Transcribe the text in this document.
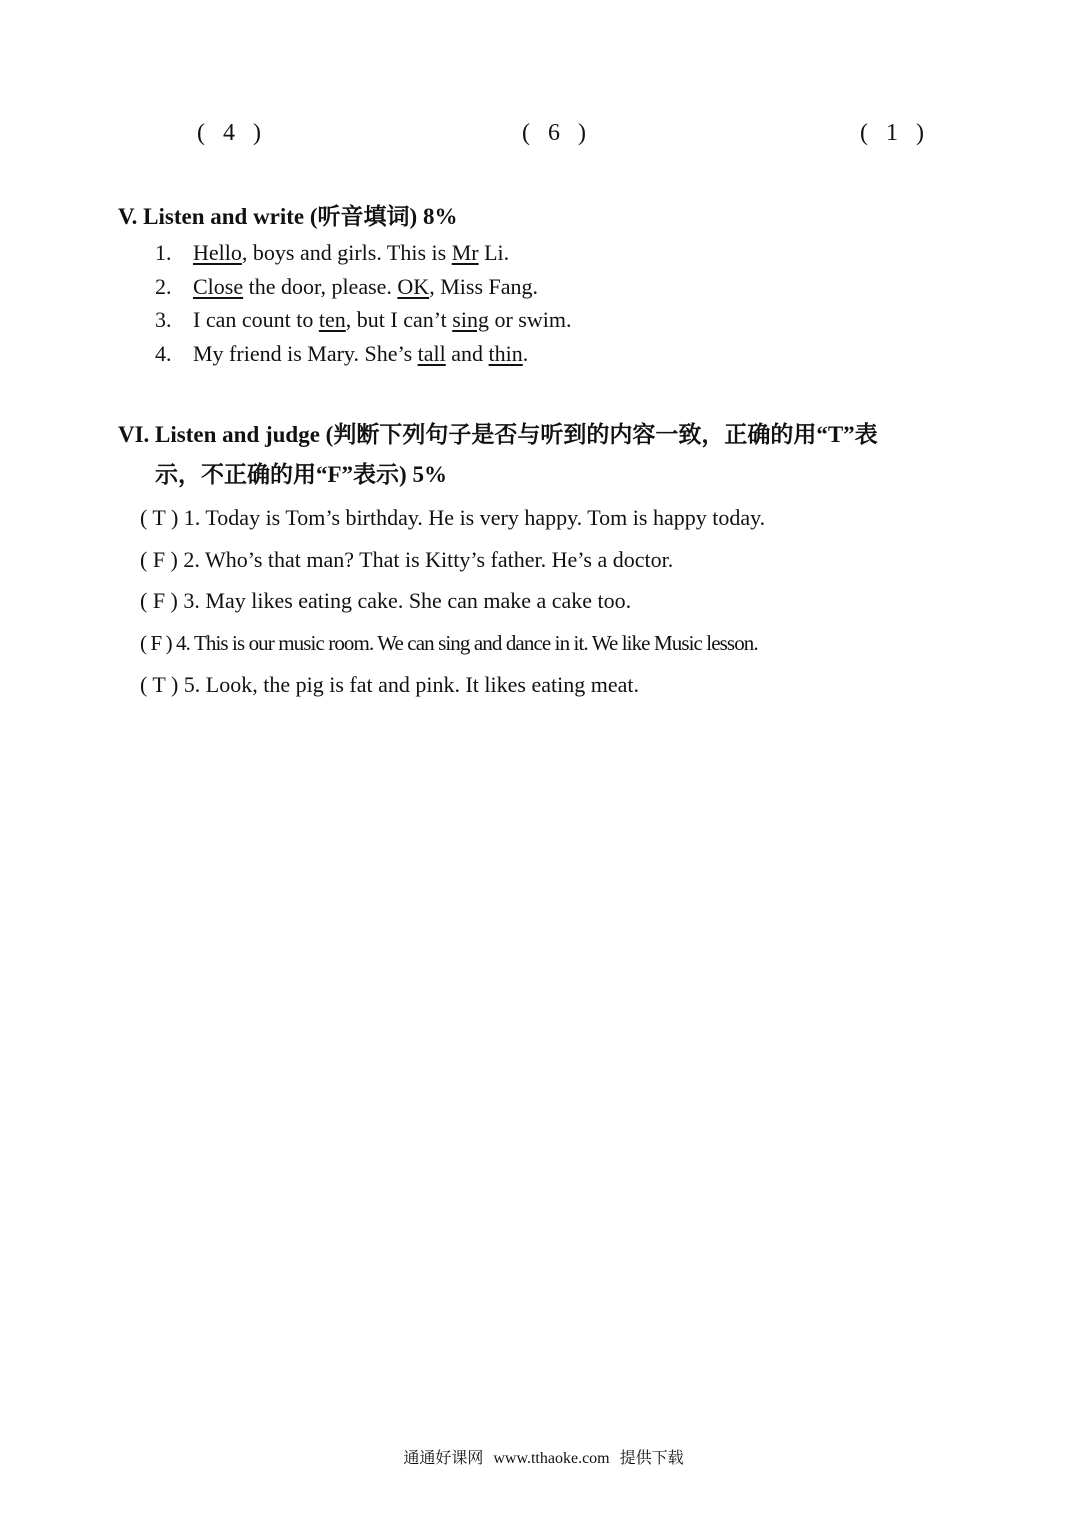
( 4 )	( 6 )	( 1 )
V. Listen and write (听音填词) 8%
1. Hello, boys and girls. This is Mr Li.
2. Close the door, please. OK, Miss Fang.
3. I can count to ten, but I can’t sing or swim.
4. My friend is Mary. She’s tall and thin.
VI. Listen and judge (判断下列句子是否与听到的内容一致，正确的用“T”表
示，不正确的用“F”表示) 5%
( T ) 1. Today is Tom’s birthday. He is very happy. Tom is happy today.
( F ) 2. Who’s that man? That is Kitty’s father. He’s a doctor.
( F ) 3. May likes eating cake. She can make a cake too.
( F ) 4. This is our music room. We can sing and dance in it. We like Music lesson.
( T ) 5. Look, the pig is fat and pink. It likes eating meat.
通通好课网 www.tthaoke.com 提供下载
